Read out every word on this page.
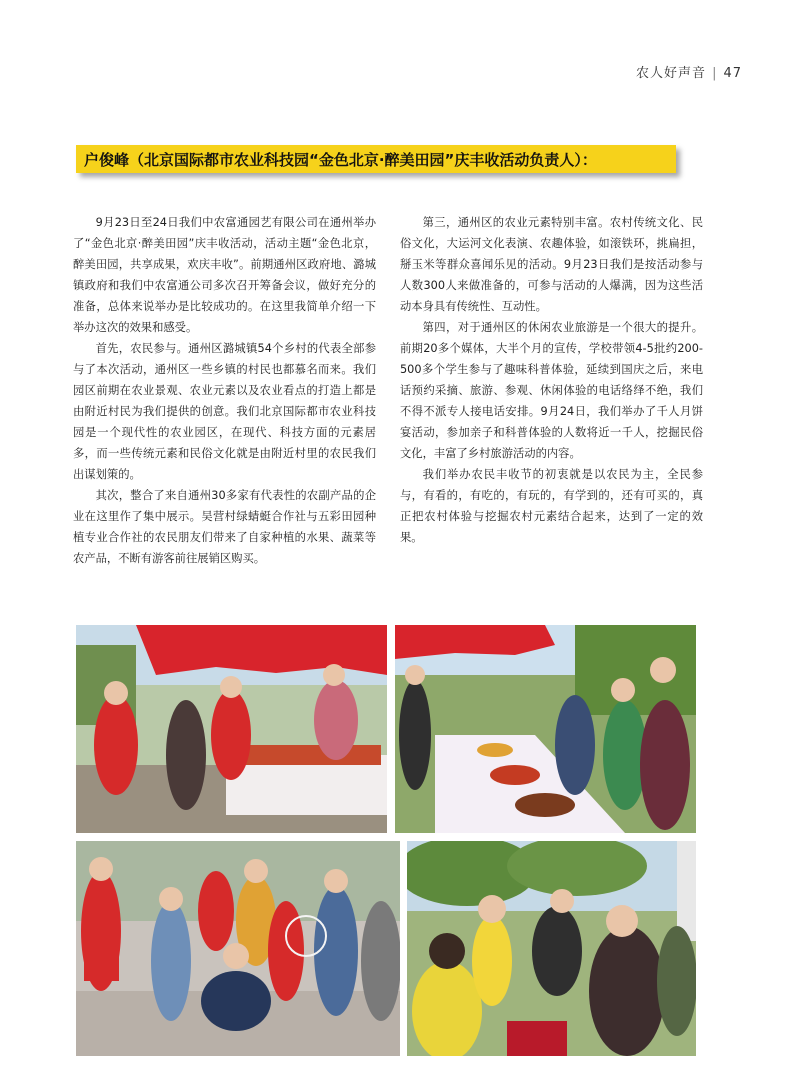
农人好声音 | 47
户俊峰（北京国际都市农业科技园“金色北京·醉美田园”庆丰收活动负责人）：

9月23日至24日我们中农富通园艺有限公司在通州举办了“金色北京·醉美田园”庆丰收活动，活动主题“金色北京，醉美田园，共享成果，欢庆丰收”。前期通州区政府地、潞城镇政府和我们中农富通公司多次召开筹备会议，做好充分的准备，总体来说举办是比较成功的。在这里我简单介绍一下举办这次的效果和感受。

首先，农民参与。通州区潞城镇54个乡村的代表全部参与了本次活动，通州区一些乡镇的村民也都慕名而来。我们园区前期在农业景观、农业元素以及农业看点的打造上都是由附近村民为我们提供的创意。我们北京国际都市农业科技园是一个现代性的农业园区，在现代、科技方面的元素居多，而一些传统元素和民俗文化就是由附近村里的农民我们出谋划策的。

其次，整合了来自通州30多家有代表性的农副产品的企业在这里作了集中展示。吴营村绿蜻蜓合作社与五彩田园种植专业合作社的农民朋友们带来了自家种植的水果、蔬菜等农产品，不断有游客前往展销区购买。

第三，通州区的农业元素特别丰富。农村传统文化、民俗文化，大运河文化表演、农趣体验，如滚铁环，挑扁担，掰玉米等群众喜闻乐见的活动。9月23日我们是按活动参与人数300人来做准备的，可参与活动的人爆满，因为这些活动本身具有传统性、互动性。

第四，对于通州区的休闲农业旅游是一个很大的提升。前期20多个媒体，大半个月的宣传，学校带领4-5批约200-500多个学生参与了趣味科普体验，延续到国庆之后，来电话预约采摘、旅游、参观、休闲体验的电话络绎不绝，我们不得不派专人接电话安排。9月24日，我们举办了千人月饼宴活动，参加亲子和科普体验的人数将近一千人，挖掘民俗文化，丰富了乡村旅游活动的内容。

我们举办农民丰收节的初衷就是以农民为主，全民参与，有看的，有吃的，有玩的，有学到的，还有可买的，真正把农村体验与挖掘农村元素结合起来，达到了一定的效果。
